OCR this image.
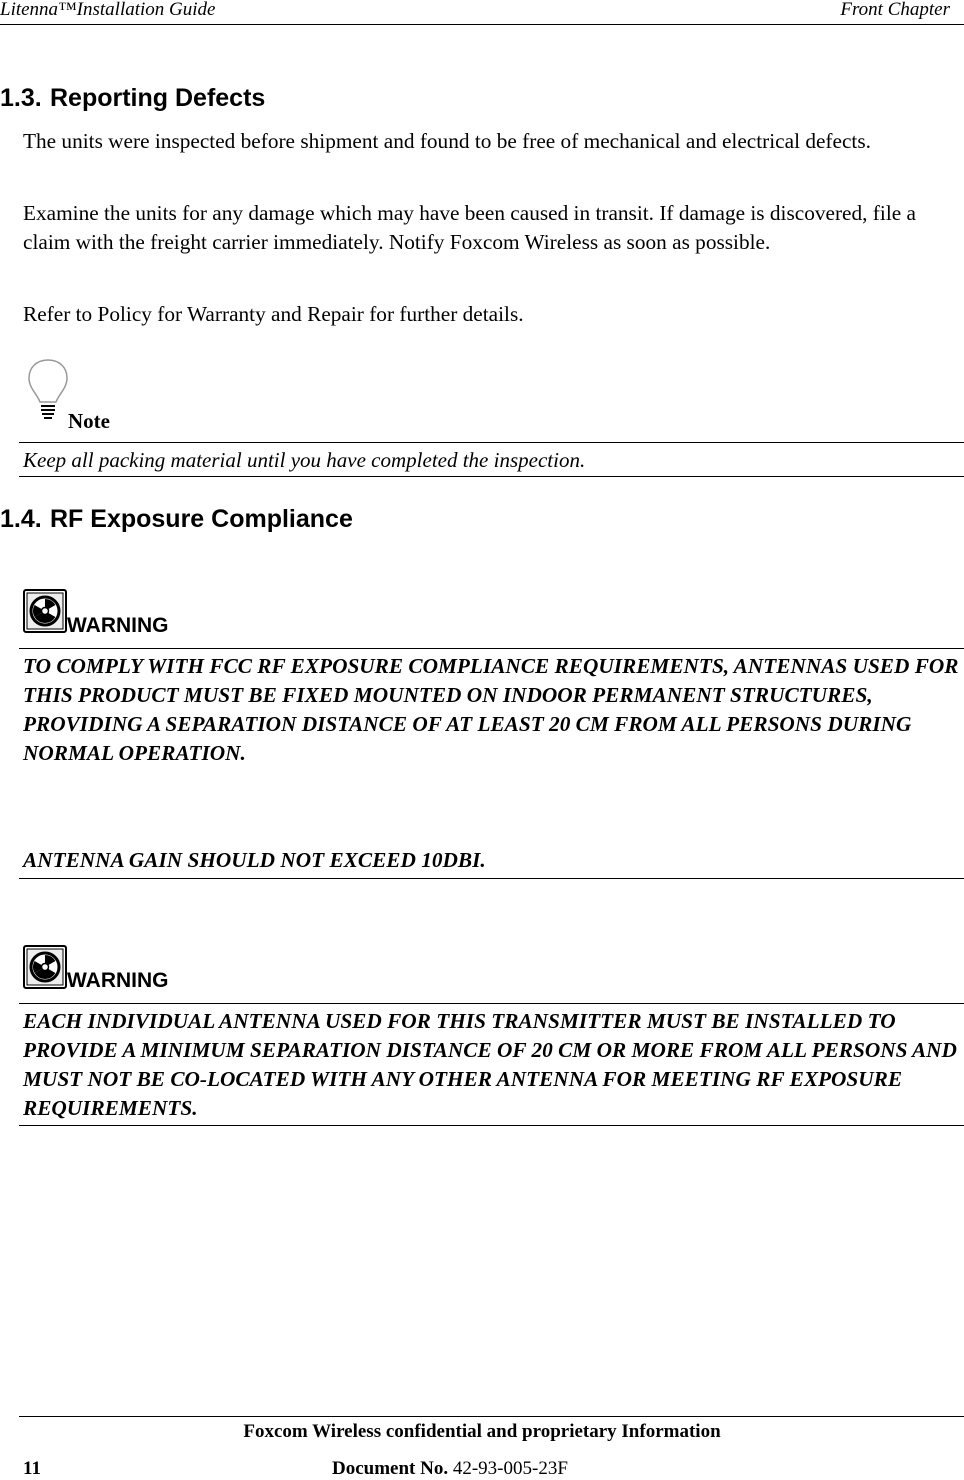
Litenna™Installation Guide	Front Chapter
1.3. Reporting Defects
The units were inspected before shipment and found to be free of mechanical and electrical defects.
Examine the units for any damage which may have been caused in transit. If damage is discovered, file a claim with the freight carrier immediately. Notify Foxcom Wireless as soon as possible.
Refer to Policy for Warranty and Repair for further details.
Note
Keep all packing material until you have completed the inspection.
1.4. RF Exposure Compliance
WARNING
TO COMPLY WITH FCC RF EXPOSURE COMPLIANCE REQUIREMENTS, ANTENNAS USED FOR THIS PRODUCT MUST BE FIXED MOUNTED ON INDOOR PERMANENT STRUCTURES, PROVIDING A SEPARATION DISTANCE OF AT LEAST 20 CM FROM ALL PERSONS DURING NORMAL OPERATION.
ANTENNA GAIN SHOULD NOT EXCEED 10DBI.
WARNING
EACH INDIVIDUAL ANTENNA USED FOR THIS TRANSMITTER MUST BE INSTALLED TO PROVIDE A MINIMUM SEPARATION DISTANCE OF 20 CM OR MORE FROM ALL PERSONS AND MUST NOT BE CO-LOCATED WITH ANY OTHER ANTENNA FOR MEETING RF EXPOSURE REQUIREMENTS.
Foxcom Wireless confidential and proprietary Information
11	Document No. 42-93-005-23F
